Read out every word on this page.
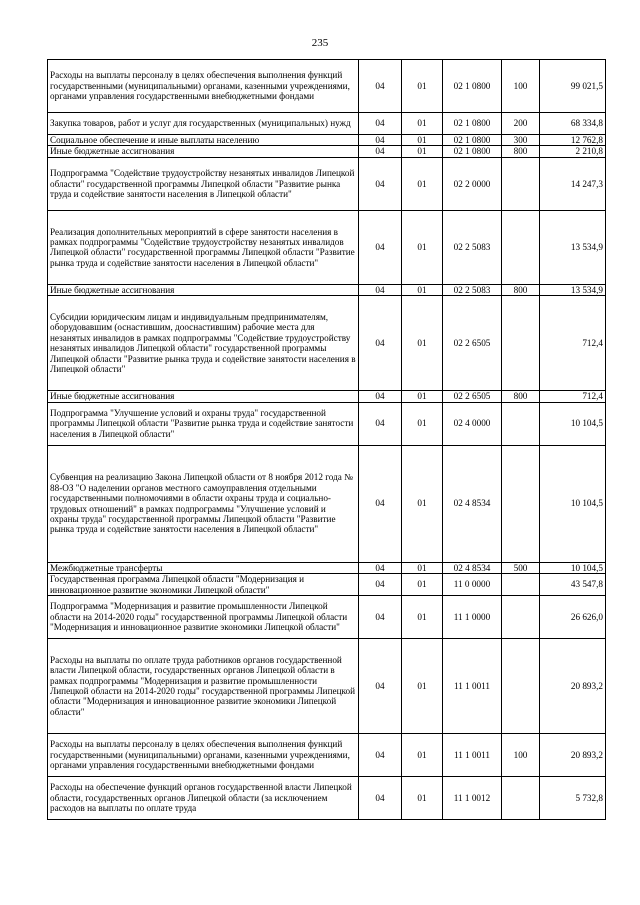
235
Расходы на выплаты персоналу в целях обеспечения выполнения функций государственными (муниципальными) органами, казенными учреждениями, органами управления государственными внебюджетными фондами	04	01	02 1 0800	100	99 021,5
Закупка товаров, работ и услуг для государственных (муниципальных) нужд	04	01	02 1 0800	200	68 334,8
Социальное обеспечение и иные выплаты населению	04	01	02 1 0800	300	12 762,8
Иные бюджетные ассигнования	04	01	02 1 0800	800	2 210,8
Подпрограмма "Содействие трудоустройству незанятых инвалидов Липецкой области" государственной программы Липецкой области "Развитие рынка труда и содействие занятости населения в Липецкой области"	04	01	02 2 0000		14 247,3
Реализация дополнительных мероприятий в сфере занятости населения в рамках подпрограммы "Содействие трудоустройству незанятых инвалидов Липецкой области" государственной программы Липецкой области "Развитие рынка труда и содействие занятости населения в Липецкой области"	04	01	02 2 5083		13 534,9
Иные бюджетные ассигнования	04	01	02 2 5083	800	13 534,9
Субсидии юридическим лицам и индивидуальным предпринимателям, оборудовавшим (оснастившим, дооснастившим) рабочие места для незанятых инвалидов в рамках подпрограммы "Содействие трудоустройству незанятых инвалидов Липецкой области" государственной программы Липецкой области "Развитие рынка труда и содействие занятости населения в Липецкой области"	04	01	02 2 6505		712,4
Иные бюджетные ассигнования	04	01	02 2 6505	800	712,4
Подпрограмма "Улучшение условий и охраны труда" государственной программы Липецкой области "Развитие рынка труда и содействие занятости населения в Липецкой области"	04	01	02 4 0000		10 104,5
Субвенция на реализацию Закона Липецкой области от 8 ноября 2012 года № 88-ОЗ "О наделении органов местного самоуправления отдельными государственными полномочиями в области охраны труда и социально-трудовых отношений" в рамках подпрограммы "Улучшение условий и охраны труда" государственной программы Липецкой области "Развитие рынка труда и содействие занятости населения в Липецкой области"	04	01	02 4 8534		10 104,5
Межбюджетные трансферты	04	01	02 4 8534	500	10 104,5
Государственная программа Липецкой области "Модернизация и инновационное развитие экономики Липецкой области"	04	01	11 0 0000		43 547,8
Подпрограмма "Модернизация и развитие промышленности Липецкой области на 2014-2020 годы" государственной программы Липецкой области "Модернизация и инновационное развитие экономики Липецкой области"	04	01	11 1 0000		26 626,0
Расходы на выплаты по оплате труда работников органов государственной власти Липецкой области, государственных органов Липецкой области в рамках подпрограммы "Модернизация и развитие промышленности Липецкой области на 2014-2020 годы" государственной программы Липецкой области "Модернизация и инновационное развитие экономики Липецкой области"	04	01	11 1 0011		20 893,2
Расходы на выплаты персоналу в целях обеспечения выполнения функций государственными (муниципальными) органами, казенными учреждениями, органами управления государственными внебюджетными фондами	04	01	11 1 0011	100	20 893,2
Расходы на обеспечение функций органов государственной власти Липецкой области, государственных органов Липецкой области (за исключением расходов на выплаты по оплате труда	04	01	11 1 0012		5 732,8
